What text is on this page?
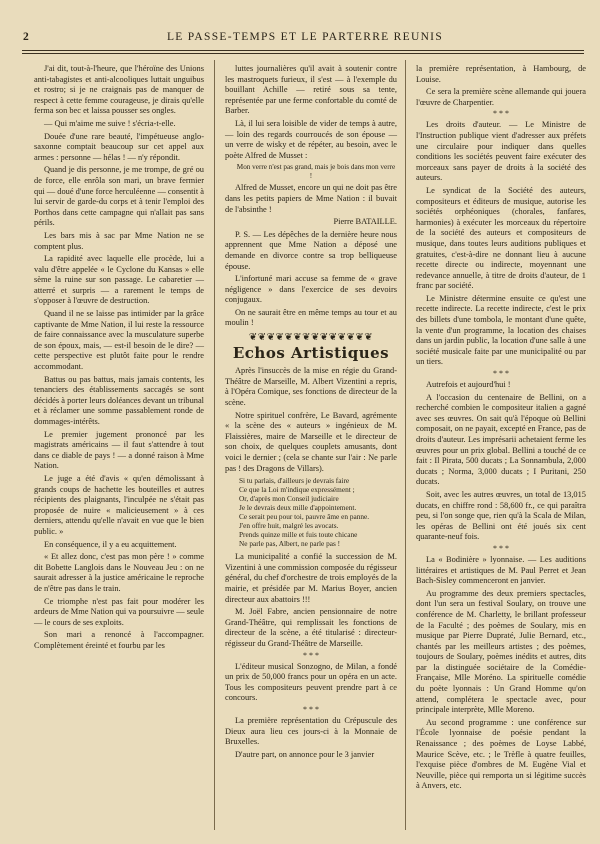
2	LE PASSE-TEMPS ET LE PARTERRE REUNIS

J'ai dit, tout-à-l'heure, que l'héroïne des Unions anti-tabagistes et anti-alcooliques luttait unguibus et rostro; si je ne craignais pas de manquer de respect à cette femme courageuse, je dirais qu'elle ferma son bec et laissa pousser ses ongles.

— Qui m'aime me suive ! s'écria-t-elle.

Douée d'une rare beauté, l'impétueuse anglo-saxonne comptait beaucoup sur cet appel aux armes : personne — hélas ! — n'y répondit.

Quand je dis personne, je me trompe, de gré ou de force, elle enrôla son mari, un brave fermier qui — doué d'une force herculéenne — consentit à lui servir de garde-du corps et à tenir l'emploi des Porthos dans cette campagne qui n'allait pas sans périls.

Les bars mis à sac par Mme Nation ne se comptent plus.

La rapidité avec laquelle elle procède, lui a valu d'être appelée « le Cyclone du Kansas » elle sème la ruine sur son passage. Le cabaretier — atterré et surpris — a rarement le temps de s'opposer à l'œuvre de destruction.

Quand il ne se laisse pas intimider par la grâce captivante de Mme Nation, il lui reste la ressource de faire connaissance avec la musculature superbe de son époux, mais, — est-il besoin de le dire? — cette perspective est plutôt faite pour le rendre accommodant.

Battus ou pas battus, mais jamais contents, les tenanciers des établissements saccagés se sont décidés à porter leurs doléances devant un tribunal et à réclamer une somme passablement ronde de dommages-intérêts.

Le premier jugement prononcé par les magistrats américains — il faut s'attendre à tout dans ce diable de pays ! — a donné raison à Mme Nation.

Le juge a été d'avis « qu'en démolissant à grands coups de hachette les bouteilles et autres récipients des plaignants, l'inculpée ne s'était pas proposée de nuire « malicieusement » à ces derniers, attendu qu'elle n'avait en vue que le bien public. »

En conséquence, il y a eu acquittement.

« Et allez donc, c'est pas mon père ! » comme dit Bobette Langlois dans le Nouveau Jeu : on ne saurait adresser à la justice américaine le reproche de n'être pas dans le train.

Ce triomphe n'est pas fait pour modérer les ardeurs de Mme Nation qui va poursuivre — seule — le cours de ses exploits.

Son mari a renoncé à l'accompagner. Complètement éreinté et fourbu par les

luttes journalières qu'il avait à soutenir contre les mastroquets furieux, il s'est — à l'exemple du bouillant Achille — retiré sous sa tente, représentée par une ferme confortable du comté de Barber.

Là, il lui sera loisible de vider de temps à autre, — loin des regards courroucés de son épouse — un verre de wisky et de répéter, au besoin, avec le poète Alfred de Musset :

Mon verre n'est pas grand, mais je bois dans mon verre !

Alfred de Musset, encore un qui ne doit pas être dans les petits papiers de Mme Nation : il buvait de l'absinthe !

Pierre BATAILLE.

P. S. — Les dépêches de la dernière heure nous apprennent que Mme Nation a déposé une demande en divorce contre sa trop belliqueuse épouse.

L'infortuné mari accuse sa femme de « grave négligence » dans l'exercice de ses devoirs conjugaux.

On ne saurait être en même temps au tour et au moulin !

❦❦❦❦❦❦❦❦❦❦❦❦❦❦
Echos Artistiques

Après l'insuccès de la mise en régie du Grand-Théâtre de Marseille, M. Albert Vizentini a repris, à l'Opéra Comique, ses fonctions de directeur de la scène.

Notre spirituel confrère, Le Bavard, agrémente « la scène des « auteurs » ingénieux de M. Flaissières, maire de Marseille et le directeur de son choix, de quelques couplets amusants, dont voici le dernier ; (cela se chante sur l'air : Ne parle pas ! des Dragons de Villars).

Si tu parlais, d'ailleurs je devrais faire
Ce que la Loi m'indique expressément ;
Or, d'après mon Conseil judiciaire
Je le devrais deux mille d'appointement.
Ce serait peu pour toi, pauvre âme en panne.
J'en offre huit, malgré les avocats.
Prends quinze mille et fuis toute chicane
Ne parle pas, Albert, ne parle pas !

La municipalité a confié la succession de M. Vizentini à une commission composée du régisseur général, du chef d'orchestre de trois employés de la mairie, et présidée par M. Marius Boyer, ancien directeur aux abattoirs !!!

M. Joël Fabre, ancien pensionnaire de notre Grand-Théâtre, qui remplissait les fonctions de directeur de la scène, a été titularisé : directeur-régisseur du Grand-Théâtre de Marseille.

* * *

L'éditeur musical Sonzogno, de Milan, a fondé un prix de 50,000 francs pour un opéra en un acte. Tous les compositeurs peuvent prendre part à ce concours.

* * *

La première représentation du Crépuscule des Dieux aura lieu ces jours-ci à la Monnaie de Bruxelles.

D'autre part, on annonce pour le 3 janvier

la première représentation, à Hambourg, de Louise.

Ce sera la première scène allemande qui jouera l'œuvre de Charpentier.

* * *

Les droits d'auteur. — Le Ministre de l'Instruction publique vient d'adresser aux préfets une circulaire pour indiquer dans quelles conditions les sociétés peuvent faire exécuter des morceaux sans payer de droits à la société des auteurs.

Le syndicat de la Société des auteurs, compositeurs et éditeurs de musique, autorise les sociétés orphéoniques (chorales, fanfares, harmonies) à exécuter les morceaux du répertoire de la société des auteurs et compositeurs de musique, dans toutes leurs auditions publiques et gratuites, c'est-à-dire ne donnant lieu à aucune recette directe ou indirecte, moyennant une redevance annuelle, à titre de droits d'auteur, de 1 franc par société.

Le Ministre détermine ensuite ce qu'est une recette indirecte. La recette indirecte, c'est le prix des billets d'une tombola, le montant d'une quête, la vente d'un programme, la location des chaises dans un jardin public, la location d'une salle à une société musicale faite par une municipalité ou par un tiers.

* * *

Autrefois et aujourd'hui !

A l'occasion du centenaire de Bellini, on a recherché combien le compositeur italien a gagné avec ses œuvres. On sait qu'à l'époque où Bellini composait, on ne payait, excepté en France, pas de droits d'auteur. Les imprésarii achetaient ferme les œuvres pour un prix global. Bellini a touché de ce fait : Il Pirata, 500 ducats ; La Sonnambula, 2,000 ducats ; Norma, 3,000 ducats ; I Puritani, 250 ducats.

Soit, avec les autres œuvres, un total de 13,015 ducats, en chiffre rond : 58,600 fr., ce qui paraîtra peu, si l'on songe que, rien qu'à la Scala de Milan, les opéras de Bellini ont été joués six cent quarante-neuf fois.

* * *

La « Bodinière » lyonnaise. — Les auditions littéraires et artistiques de M. Paul Perret et Jean Bach-Sisley commenceront en janvier.

Au programme des deux premiers spectacles, dont l'un sera un festival Soulary, on trouve une conférence de M. Charletty, le brillant professeur de la Faculté ; des poèmes de Soulary, mis en musique par Pierre Dupraté, Julie Bernard, etc., chantés par les meilleurs artistes ; des poèmes, toujours de Soulary, poèmes inédits et autres, dits par la distinguée sociétaire de la Comédie-Française, Mlle Moréno. La spirituelle comédie du poète lyonnais : Un Grand Homme qu'on attend, complétera le spectacle avec, pour principale interprète, Mlle Moreno.

Au second programme : une conférence sur l'École lyonnaise de poésie pendant la Renaissance ; des poèmes de Loyse Labbé, Maurice Scève, etc. ; le Trèfle à quatre feuilles, l'exquise pièce d'ombres de M. Eugène Vial et Neuville, pièce qui remporta un si légitime succès à Anvers, etc.
